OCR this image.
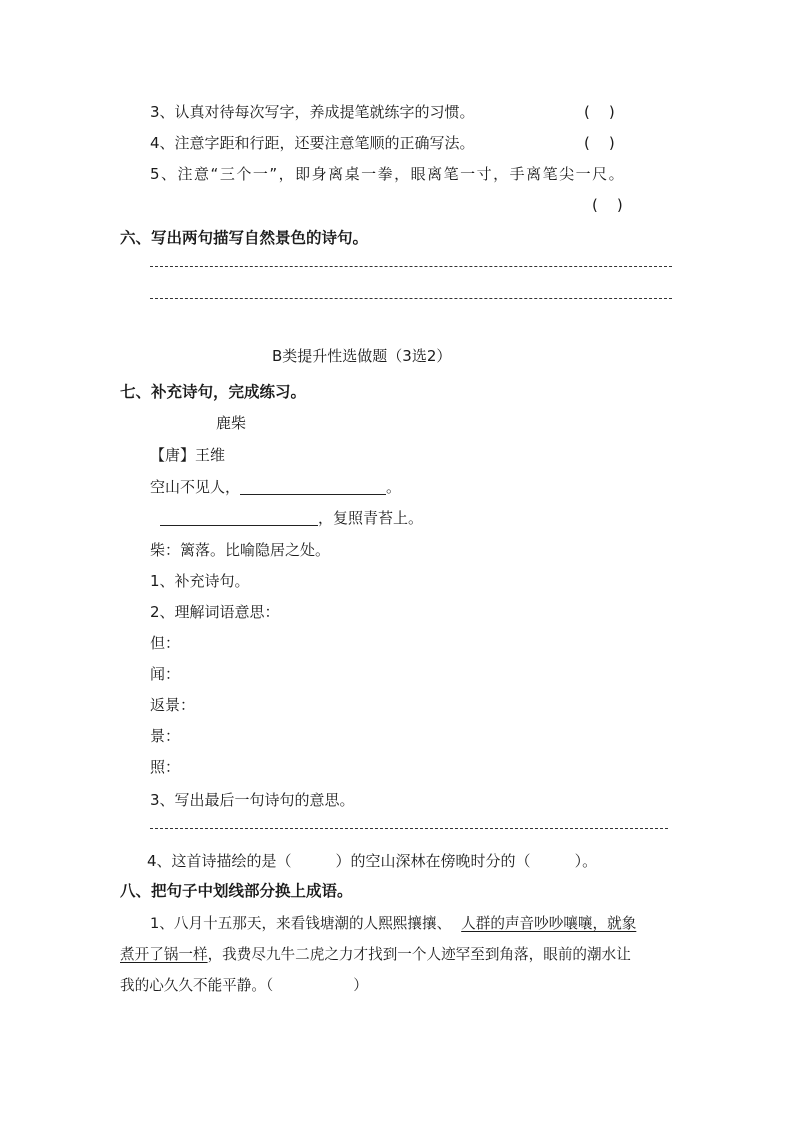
3、认真对待每次写字，养成提笔就练字的习惯。	(    )
4、注意字距和行距，还要注意笔顺的正确写法。	(    )
5、注意“三个一”，即身离桌一拳，眼离笔一寸，手离笔尖一尺。
(    )
六、写出两句描写自然景色的诗句。
B类提升性选做题（3选2）
七、补充诗句，完成练习。
鹿柴
【唐】王维
空山不见人，	。
，复照青苔上。
柴：篱落。比喻隐居之处。
1、补充诗句。
2、理解词语意思：
但：
闻：
返景：
景：
照：
3、写出最后一句诗句的意思。
4、这首诗描绘的是（	）的空山深林在傍晚时分的（	）。
八、把句子中划线部分换上成语。
1、八月十五那天，来看钱塘潮的人熙熙攘攘、 人群的声音吵吵嚷嚷，就象
煮开了锅一样，我费尽九牛二虎之力才找到一个人迹罕至到角落，眼前的潮水让
我的心久久不能平静。（	）
